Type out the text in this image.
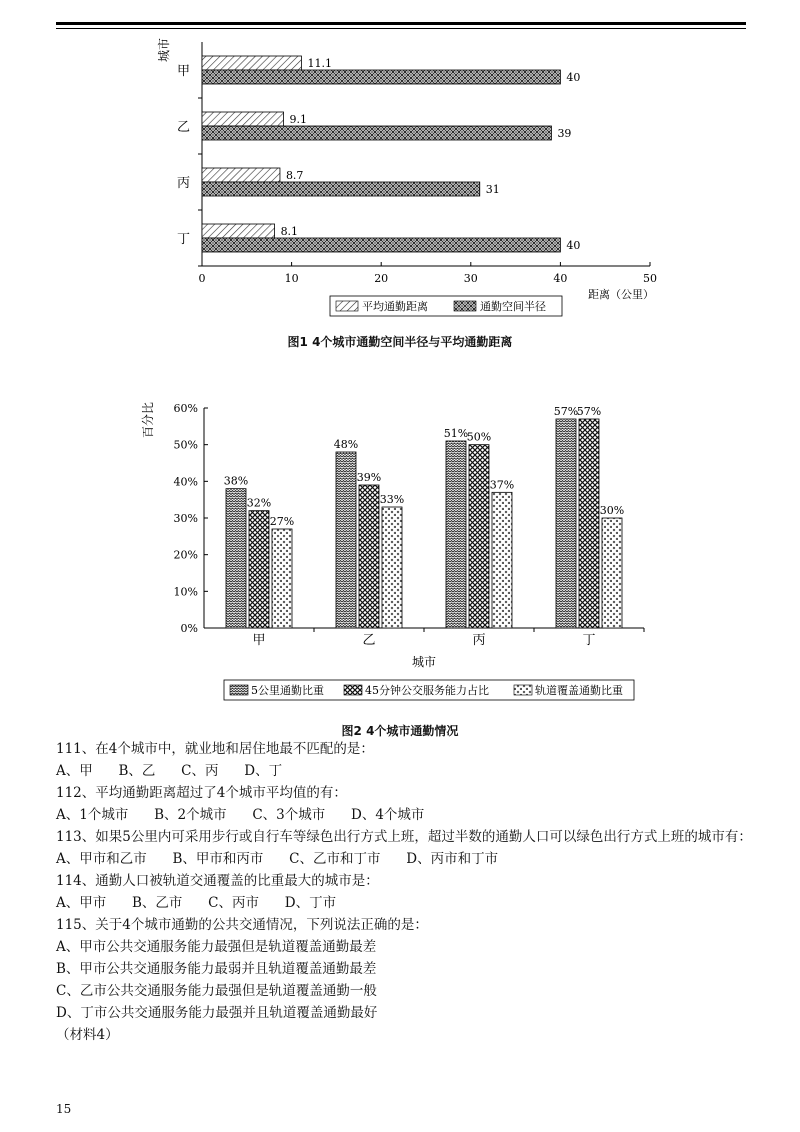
0	10	20	30	40	50
城市
距离（公里）
甲
乙
丙
丁
11.1
40
9.1
39
8.7
31
8.1
40
平均通勤距离	通勤空间半径
图1 4个城市通勤空间半径与平均通勤距离
0%
10%
20%
30%
40%
50%
60%
百分比
城市
甲	乙	丙	丁
38%
32%
27%
48%
39%
33%
51%
50%
37%
57%
57%
30%
5公里通勤比重	45分钟公交服务能力占比	轨道覆盖通勤比重
图2 4个城市通勤情况

111、在4个城市中，就业地和居住地最不匹配的是：

A、甲      B、乙      C、丙      D、丁

112、平均通勤距离超过了4个城市平均值的有：

A、1个城市      B、2个城市      C、3个城市      D、4个城市

113、如果5公里内可采用步行或自行车等绿色出行方式上班，超过半数的通勤人口可以绿色出行方式上班的城市有：

A、甲市和乙市      B、甲市和丙市      C、乙市和丁市      D、丙市和丁市

114、通勤人口被轨道交通覆盖的比重最大的城市是：

A、甲市      B、乙市      C、丙市      D、丁市

115、关于4个城市通勤的公共交通情况，下列说法正确的是：

A、甲市公共交通服务能力最强但是轨道覆盖通勤最差

B、甲市公共交通服务能力最弱并且轨道覆盖通勤最差

C、乙市公共交通服务能力最强但是轨道覆盖通勤一般

D、丁市公共交通服务能力最强并且轨道覆盖通勤最好

（材料4）

15
